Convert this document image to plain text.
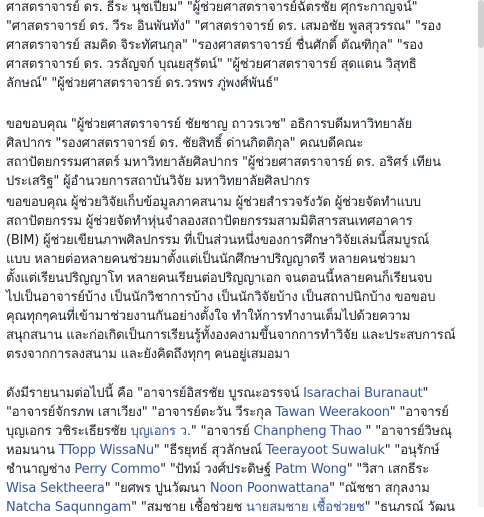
ศาสตราจารย์ ดร. ธีระ นุชเปี่ยม" "ผู้ช่วยศาสตราจารย์ฉัตรชัย ศุกระกาญจน์"
"ศาสตราจารย์ ดร. วีระ อินพันทัง" "ศาสตราจารย์ ดร. เสมอชัย พูลสุวรรณ" "รอง
ศาสตราจารย์ สมคิด จิระทัศนกุล" "รองศาสตราจารย์ ชื่นศักดิ์ ตัณฑิกุล" "รอง
ศาสตราจารย์ ดร. วรลัญจก์ บุณยสุรัตน์" "ผู้ช่วยศาสตราจารย์ สุดแดน วิสุทธิ
ลักษณ์" "ผู้ช่วยศาสตราจารย์ ดร.วรพร ภู่พงศ์พันธ์"
ขอขอบคุณ "ผู้ช่วยศาสตราจารย์ ชัยชาญ ถาวรเวช" อธิการบดีมหาวิทยาลัย
ศิลปากร "รองศาสตราจารย์ ดร. ชัยสิทธิ์ ด่านกิตติกุล" คณบดีคณะ
สถาปัตยกรรมศาสตร์ มหาวิทยาลัยศิลปากร "ผู้ช่วยศาสตราจารย์ ดร. อริศร์ เทียน
ประเสริฐ" ผู้อำนวยการสถาบันวิจัย มหาวิทยาลัยศิลปากร
ขอขอบคุณ ผู้ช่วยวิจัยเก็บข้อมูลภาคสนาม ผู้ช่วยสำรวจรังวัด ผู้ช่วยจัดทำแบบ
สถาปัตยกรรม ผู้ช่วยจัดทำหุ่นจำลองสถาปัตยกรรมสามมิติสารสนเทศอาคาร
(BIM) ผู้ช่วยเขียนภาพศิลปกรรม ที่เป็นส่วนหนึ่งของการศึกษาวิจัยเล่มนี้สมบูรณ์
แบบ หลายต่อหลายคนช่วยมาตั้งแต่เป็นนักศึกษาปริญญาตรี หลายคนช่วยมา
ตั้งแต่เรียนปริญญาโท หลายคนเรียนต่อปริญญาเอก จนตอนนี้หลายคนก็เรียนจบ
ไปเป็นอาจารย์บ้าง เป็นนักวิชาการบ้าง เป็นนักวิจัยบ้าง เป็นสถาปนิกบ้าง ขอขอบ
คุณทุกๆคนที่เข้ามาช่วยงานกันอย่างตั้งใจ ทำให้การทำงานเต็มไปด้วยความ
สนุกสนาน และก่อเกิดเป็นการเรียนรู้ทั้งองคงามขึ้นจากการทำวิจัย และประสบการณ์
ตรงจากการลงสนาม และยังคิดถึงทุกๆ คนอยู่เสมอมา
ดังมีรายนามต่อไปนี้ คือ "อาจารย์อิสรชัย บูรณะอรรจน์ Isarachai Buranaut"
"อาจารย์จักรภพ เสาเวียง" "อาจารย์ตะวัน วีระกุล Tawan Weerakoon" "อาจารย์
บุญเอกร วชิระเธียรชัย บุญเอกร ว." "อาจารย์ Chanpheng Thao " "อาจารย์วิษณุ
หอมนาน TTopp WissaNu" "ธีรยุทธ์ สุวลักษณ์ Teerayoot Suwaluk" "อนุรักษ์
ชำนาญช่าง Perry Commo" "ปัทม์ วงศ์ประดิษฐ์ Patm Wong" "วิสา เสกธีระ
Wisa Sektheera" "ยศพร ปูนวัฒนา Noon Poonwattana" "ณัชชา สกุลงาม
Natcha Saqunngam" "สมชาย เชื้อช่วยช นายสมชาย เชื้อช่วยช" "ธนภรณ์ วัฒน
